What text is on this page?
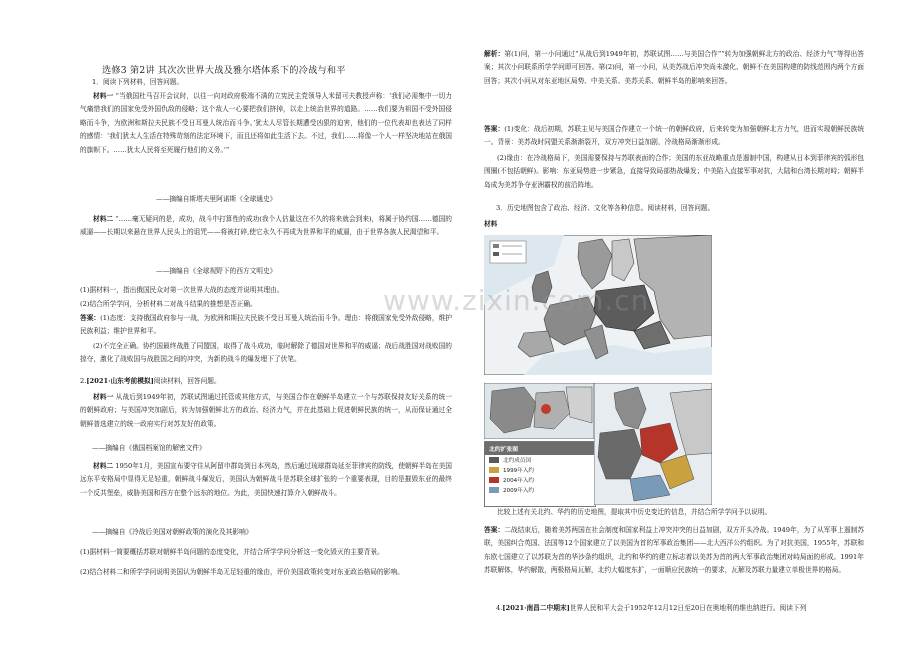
选修3 第2讲 其次次世界大战及雅尔塔体系下的冷战与和平
1．阅读下列材料，回答问题。
材料一 “当俄国杜马召开会议时，以往一向对政府极端不满的立宪民主党领导人米留可夫教授声称：‘我们必需集中一切力气痛惜我们的国家免受外国仇敌的侵略；这个敌人一心要把我们挤掉，以走上统治世界的道路。……我们要为祖国不受外国侵略而斗争，为欧洲和斯拉夫民族不受日耳曼人统治而斗争。’犹太人尽管长期遭受凶狠的迫害，他们的一位代表却也表达了同样的感情：‘我们犹太人生活在特殊苛刻的法定环境下，而且还将如此生活下去。不过，我们……将像一个人一样坚决地站在俄国的旗帜下。……犹太人民将至死履行他们的义务。’”
——摘编自斯塔夫里阿诺斯《全球通史》
材料二 “……毫无疑问的是，成功，战斗中打算性的成功(我个人估量这在不久的将来就会到来)，将属于协约国……德国的威逼——长期以来悬在世界人民头上的诅咒——将被打碎,使它永久不再成为世界和平的威逼，由于世界各族人民渴望和平。
——摘编自《全球视野下的西方文明史》
(1)据材料一，指出俄国民众对第一次世界大战的态度并说明其理由。
(2)结合所学学问，分析材料二对战斗结果的推想是否正确。
答案：(1)态度：支持俄国政府参与一战，为欧洲和斯拉夫民族不受日耳曼人统治而斗争。理由：将俄国家免受外敌侵略，维护民族利益；维护世界和平。
(2)不完全正确。协约国最终战胜了同盟国，取得了战斗成功，临时解除了德国对世界和平的威逼；战后战胜国对战败国的掠夺，激化了战败国与战胜国之间的冲突，为新的战斗的爆发埋下了伏笔。
2.[2021·山东考前模拟]阅读材料，回答问题。
材料一 从战后到1949年初，苏联试图通过托管或其他方式，与美国合作在朝鲜半岛建立一个与苏联保持友好关系的统一的朝鲜政府；与美国冲突加剧后，转为加强朝鲜北方的政治、经济力气，并在此基础上促进朝鲜民族的统一，从而保证通过全朝鲜普选建立的统一政府实行对苏友好的政策。
——摘编自《俄国档案馆的解密文件》
材料二 1950年1月，美国宣布要守住从阿留申群岛到日本列岛，然后通过琉球群岛延至菲律宾的防线，使朝鲜半岛在美国远东平安格局中显得无足轻重，朝鲜战斗爆发后，美国认为朝鲜战斗是苏联全球扩张的一个重要表现，目的是摧毁东亚的最终一个反共堡垒，威胁美国和西方在整个远东的地位。为此，美国快速打算介入朝鲜战斗。
——摘编自《冷战后美国对朝鲜政策的演化及其影响》
(1)据材料一简要概括苏联对朝鲜半岛问题的态度变化，并结合所学学问分析这一变化毁灭的主要背景。
(2)结合材料二和所学学问说明美国认为朝鲜半岛无足轻重的缘由，评价美国政策转变对东亚政治格局的影响。
解析：第(1)问，第一小问通过“从战后到1949年初，苏联试图……与美国合作”“转为加强朝鲜北方的政治、经济力气”等得出答案；其次小问联系所学学问即可回答。第(2)问，第一小问，从美苏战后冲突尚未激化、朝鲜不在美国构建的防线范围内两个方面回答；其次小问从对东亚地区局势、中美关系、美苏关系、朝鲜半岛的影响来回答。
答案：(1)变化：战后初期，苏联主见与美国合作建立一个统一的朝鲜政府，后来转变为加强朝鲜北方力气，进而实现朝鲜民族统一。背景：美苏战时同盟关系渐渐裂开，双方冲突日益加剧，冷战格局渐渐形成。
(2)缘由：在冷战格局下，美国需要保持与苏联表面的合作；美国的东亚战略重点是遏制中国，构建从日本到菲律宾的弧形包围圈(不包括朝鲜)。影响：东亚局势进一步紧急，直接导致局部热战爆发；中美陷入直接军事对抗，大陆和台湾长期对峙；朝鲜半岛成为美苏争夺亚洲霸权的前沿阵地。
3．历史地图包含了政治、经济、文化等各种信息。阅读材料，回答问题。
材料
北约扩张图
北约成员国
1999年入约
2004年入约
2009年入约
比较上述有关北约、华约的历史地图，提取其中历史变迁的信息，并结合所学学问予以说明。
答案：二战结束后，随着美苏两国在社会制度和国家利益上冲突冲突的日益加剧，双方开头冷战。1949年，为了从军事上遏制苏联，美国纠合英国、法国等12个国家建立了以美国为首的军事政治集团——北大西洋公约组织。为了对抗美国，1955年，苏联和东欧七国建立了以苏联为首的华沙条约组织，北约和华约的建立标志着以美苏为首的两大军事政治集团对峙局面的形成。1991年苏联解体，华约解散，两极格局瓦解，北约大幅度东扩，一面顺应民族统一的要求，瓦解及苏联力量建立单极世界的格局。
4.[2021·南昌二中期末]世界人民和平大会于1952年12月12日至20日在奥地利的维也纳进行。阅读下列
www.zixin.com.cn
